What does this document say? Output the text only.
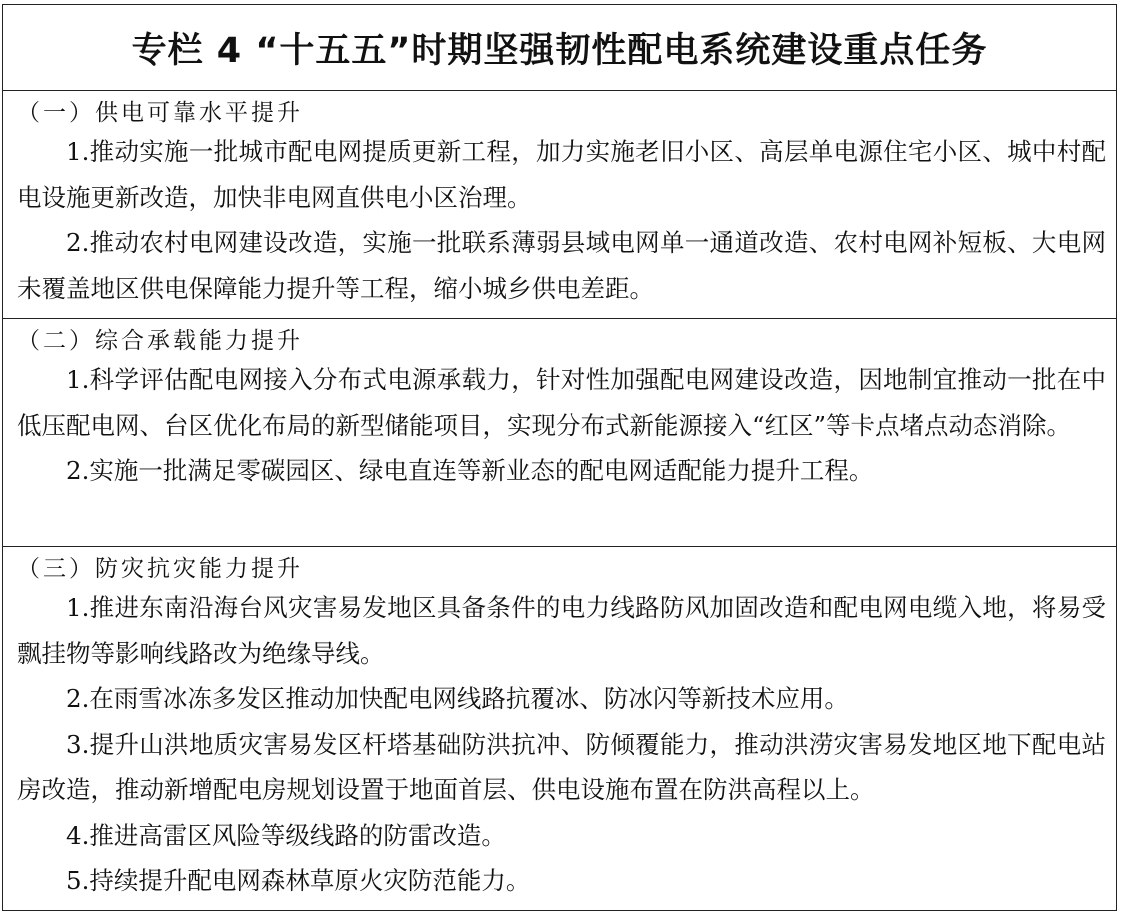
专栏 4 “十五五”时期坚强韧性配电系统建设重点任务
（一）供电可靠水平提升
1.推动实施一批城市配电网提质更新工程，加力实施老旧小区、高层单电源住宅小区、城中村配电设施更新改造，加快非电网直供电小区治理。
2.推动农村电网建设改造，实施一批联系薄弱县域电网单一通道改造、农村电网补短板、大电网未覆盖地区供电保障能力提升等工程，缩小城乡供电差距。
（二）综合承载能力提升
1.科学评估配电网接入分布式电源承载力，针对性加强配电网建设改造，因地制宜推动一批在中低压配电网、台区优化布局的新型储能项目，实现分布式新能源接入“红区”等卡点堵点动态消除。
2.实施一批满足零碳园区、绿电直连等新业态的配电网适配能力提升工程。
（三）防灾抗灾能力提升
1.推进东南沿海台风灾害易发地区具备条件的电力线路防风加固改造和配电网电缆入地，将易受飘挂物等影响线路改为绝缘导线。
2.在雨雪冰冻多发区推动加快配电网线路抗覆冰、防冰闪等新技术应用。
3.提升山洪地质灾害易发区杆塔基础防洪抗冲、防倾覆能力，推动洪涝灾害易发地区地下配电站房改造，推动新增配电房规划设置于地面首层、供电设施布置在防洪高程以上。
4.推进高雷区风险等级线路的防雷改造。
5.持续提升配电网森林草原火灾防范能力。
